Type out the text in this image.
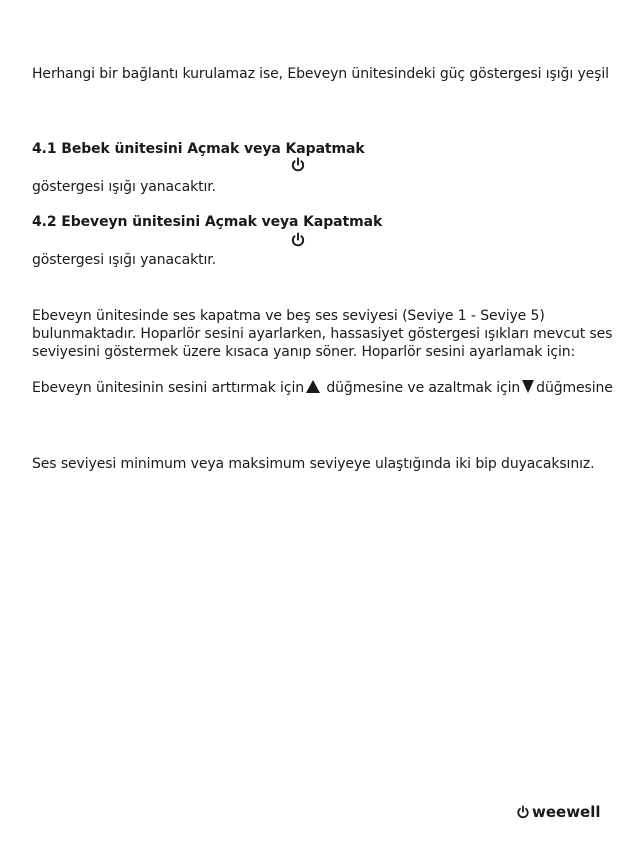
Herhangi bir bağlantı kurulamaz ise, Ebeveyn ünitesindeki güç göstergesi ışığı yeşil
4.1 Bebek ünitesini Açmak veya Kapatmak
göstergesi ışığı yanacaktır.
4.2 Ebeveyn ünitesini Açmak veya Kapatmak
göstergesi ışığı yanacaktır.
Ebeveyn ünitesinde ses kapatma ve beş ses seviyesi (Seviye 1 - Seviye 5)
bulunmaktadır. Hoparlör sesini ayarlarken, hassasiyet göstergesi ışıkları mevcut ses
seviyesini göstermek üzere kısaca yanıp söner. Hoparlör sesini ayarlamak için:
Ebeveyn ünitesinin sesini arttırmak için düğmesine ve azaltmak için düğmesine
Ses seviyesi minimum veya maksimum seviyeye ulaştığında iki bip duyacaksınız.
weewell
